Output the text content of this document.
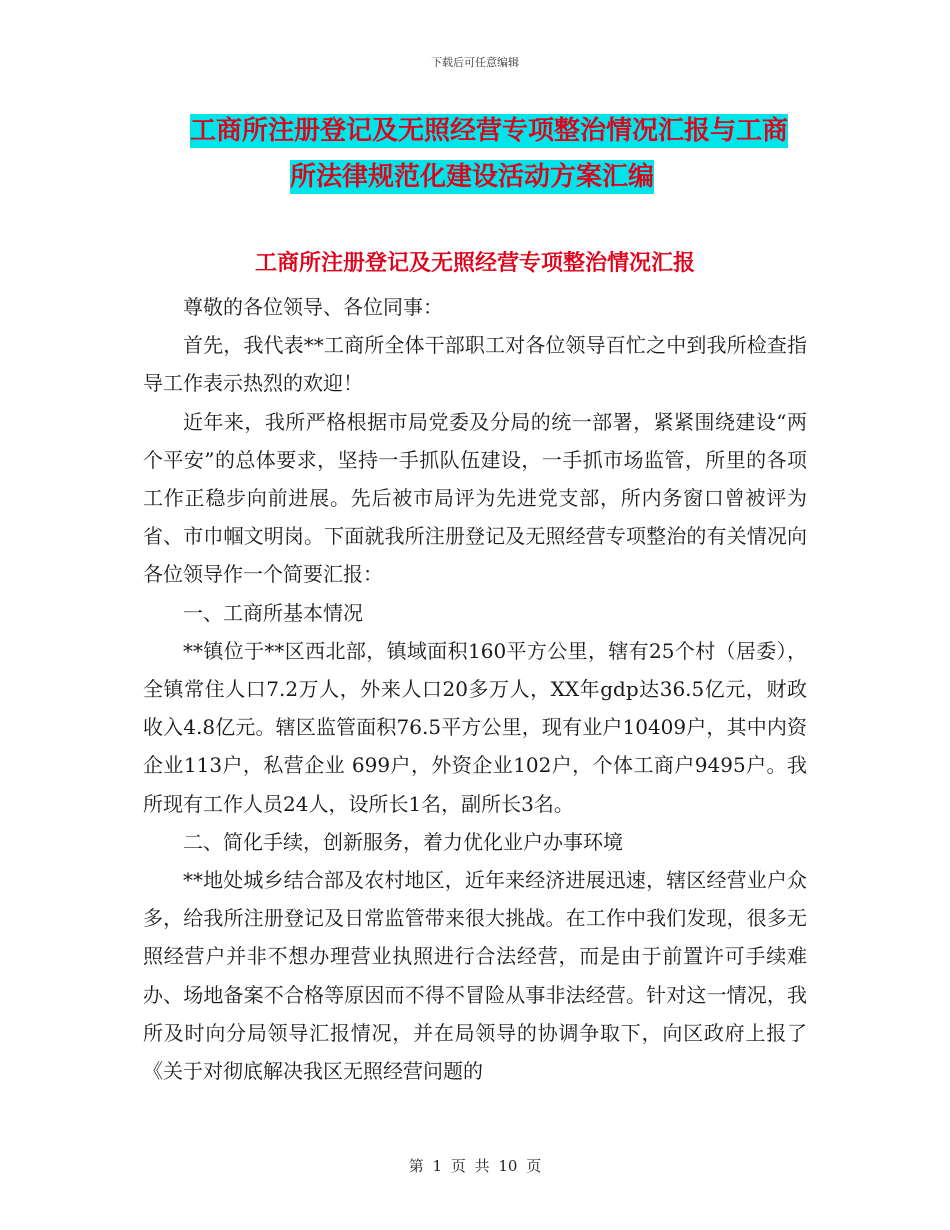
下载后可任意编辑
工商所注册登记及无照经营专项整治情况汇报与工商
所法律规范化建设活动方案汇编
工商所注册登记及无照经营专项整治情况汇报

尊敬的各位领导、各位同事：

首先，我代表**工商所全体干部职工对各位领导百忙之中到我所检查指导工作表示热烈的欢迎！

近年来，我所严格根据市局党委及分局的统一部署，紧紧围绕建设“两个平安”的总体要求，坚持一手抓队伍建设，一手抓市场监管，所里的各项工作正稳步向前进展。先后被市局评为先进党支部，所内务窗口曾被评为省、市巾帼文明岗。下面就我所注册登记及无照经营专项整治的有关情况向各位领导作一个简要汇报：

一、工商所基本情况

**镇位于**区西北部，镇域面积160平方公里，辖有25个村（居委），全镇常住人口7.2万人，外来人口20多万人，XX年gdp达36.5亿元，财政收入4.8亿元。辖区监管面积76.5平方公里，现有业户10409户，其中内资企业113户，私营企业 699户，外资企业102户，个体工商户9495户。我所现有工作人员24人，设所长1名，副所长3名。

二、简化手续，创新服务，着力优化业户办事环境

**地处城乡结合部及农村地区，近年来经济进展迅速，辖区经营业户众多，给我所注册登记及日常监管带来很大挑战。在工作中我们发现，很多无照经营户并非不想办理营业执照进行合法经营，而是由于前置许可手续难办、场地备案不合格等原因而不得不冒险从事非法经营。针对这一情况，我所及时向分局领导汇报情况，并在局领导的协调争取下，向区政府上报了《关于对彻底解决我区无照经营问题的

第 1 页 共 10 页
